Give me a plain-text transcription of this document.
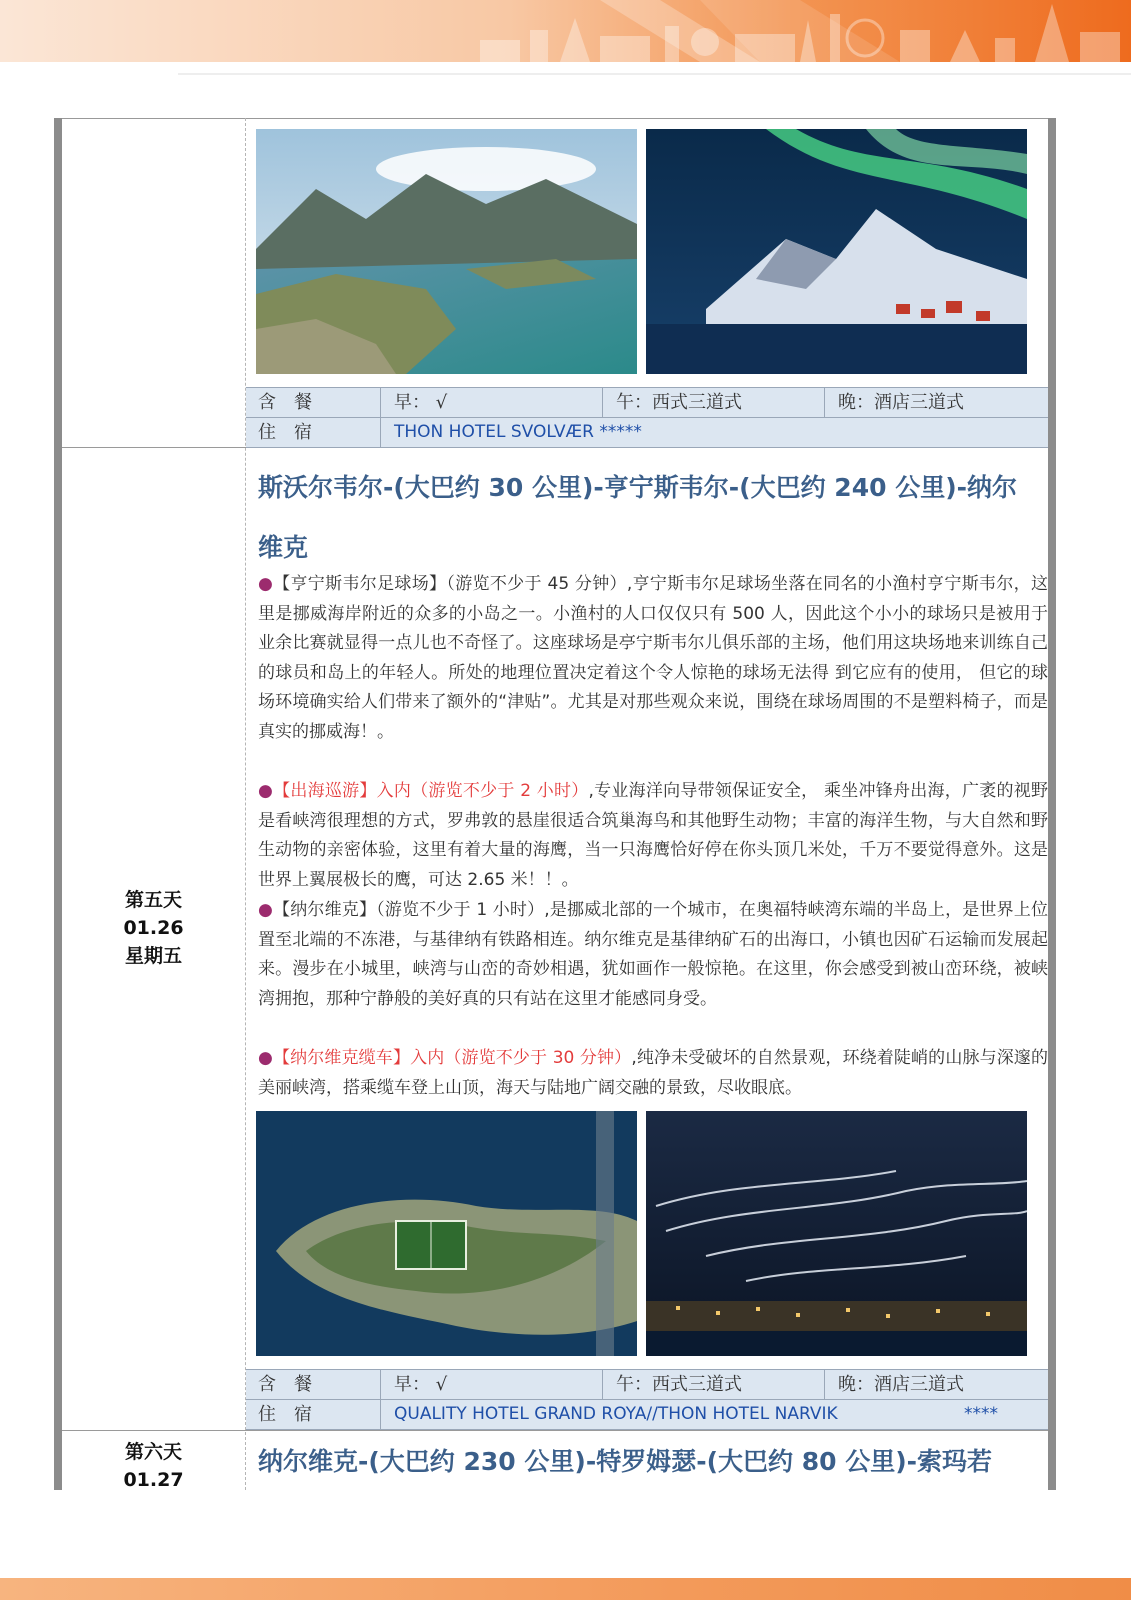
含　餐	早： √	午：西式三道式	晚：酒店三道式
住　宿	THON HOTEL SVOLVÆR *****
第五天
01.26
星期五
斯沃尔韦尔-(大巴约 30 公里)-亨宁斯韦尔-(大巴约 240 公里)-纳尔维克

●【亨宁斯韦尔足球场】（游览不少于 45 分钟）,亨宁斯韦尔足球场坐落在同名的小渔村亨宁斯韦尔，这里是挪威海岸附近的众多的小岛之一。小渔村的人口仅仅只有 500 人，因此这个小小的球场只是被用于业余比赛就显得一点儿也不奇怪了。这座球场是亭宁斯韦尔儿俱乐部的主场，他们用这块场地来训练自己的球员和岛上的年轻人。所处的地理位置决定着这个令人惊艳的球场无法得 到它应有的使用， 但它的球场环境确实给人们带来了额外的“津贴”。尤其是对那些观众来说，围绕在球场周围的不是塑料椅子，而是真实的挪威海！。

●【出海巡游】入内（游览不少于 2 小时）,专业海洋向导带领保证安全， 乘坐冲锋舟出海，广袤的视野是看峡湾很理想的方式，罗弗敦的悬崖很适合筑巢海鸟和其他野生动物；丰富的海洋生物，与大自然和野生动物的亲密体验，这里有着大量的海鹰，当一只海鹰恰好停在你头顶几米处，千万不要觉得意外。这是世界上翼展极长的鹰，可达 2.65 米！！。

●【纳尔维克】（游览不少于 1 小时）,是挪威北部的一个城市，在奥福特峡湾东端的半岛上，是世界上位置至北端的不冻港，与基律纳有铁路相连。纳尔维克是基律纳矿石的出海口，小镇也因矿石运输而发展起来。漫步在小城里，峡湾与山峦的奇妙相遇，犹如画作一般惊艳。在这里，你会感受到被山峦环绕，被峡湾拥抱，那种宁静般的美好真的只有站在这里才能感同身受。

●【纳尔维克缆车】入内（游览不少于 30 分钟）,纯净未受破坏的自然景观，环绕着陡峭的山脉与深邃的美丽峡湾，搭乘缆车登上山顶，海天与陆地广阔交融的景致，尽收眼底。

含　餐	早： √	午：西式三道式	晚：酒店三道式
住　宿	QUALITY HOTEL GRAND ROYA//THON HOTEL NARVIK	****
第六天
01.27
纳尔维克-(大巴约 230 公里)-特罗姆瑟-(大巴约 80 公里)-索玛若
